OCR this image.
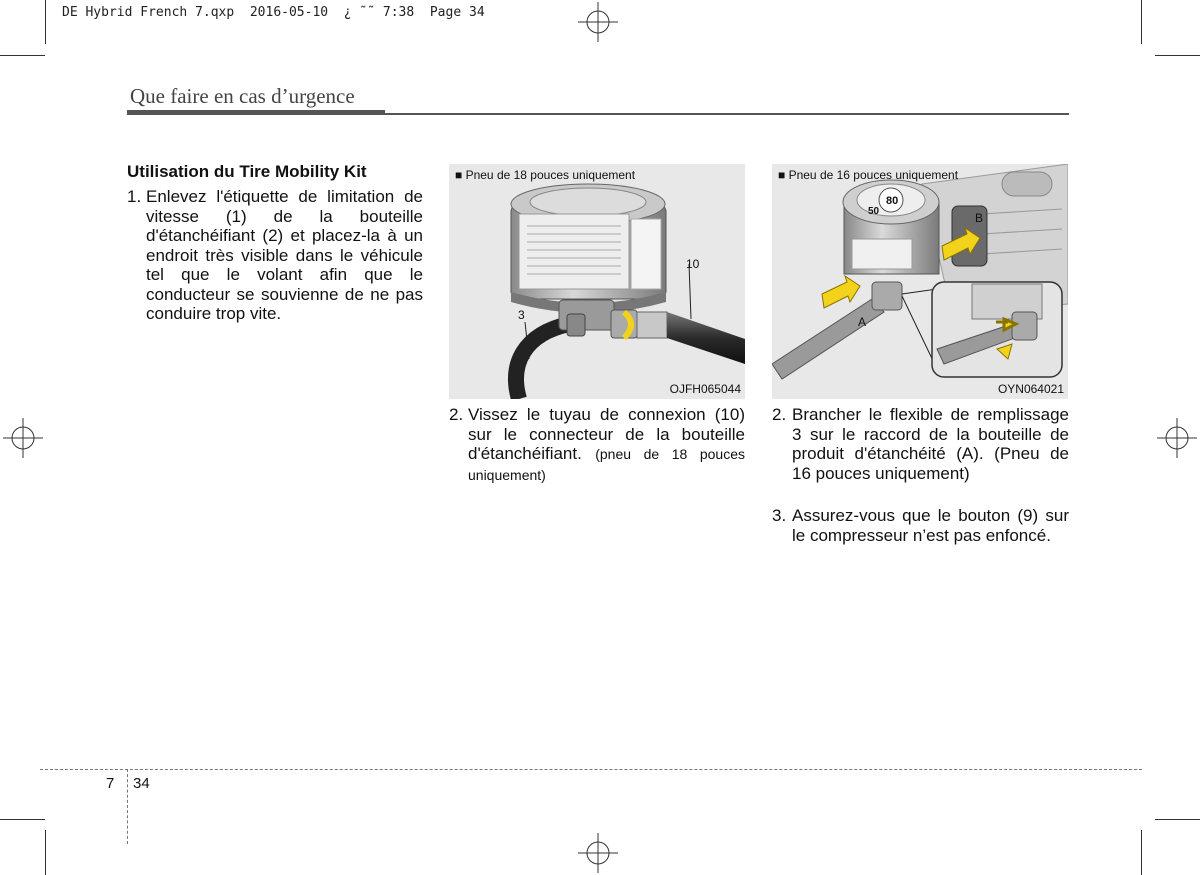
DE Hybrid French 7.qxp  2016-05-10  ¿ ˜˜ 7:38  Page 34
Que faire en cas d’urgence
Utilisation du Tire Mobility Kit
1. Enlevez l'étiquette de limitation de vitesse (1) de la bouteille d'étanchéifiant (2) et placez-la à un endroit très visible dans le véhicule tel que le volant afin que le conducteur se souvienne de ne pas conduire trop vite.
■ Pneu de 18 pouces uniquement
10
3
OJFH065044
2. Vissez le tuyau de connexion (10) sur le connecteur de la bouteille d'étanchéifiant. (pneu de 18 pouces uniquement)
■ Pneu de 16 pouces uniquement
80
50
A
B
OYN064021
2. Brancher le flexible de remplissage 3 sur le raccord de la bouteille de produit d'étanchéité (A). (Pneu de 16 pouces uniquement)
3. Assurez-vous que le bouton (9) sur le compresseur n’est pas enfoncé.
7 34
